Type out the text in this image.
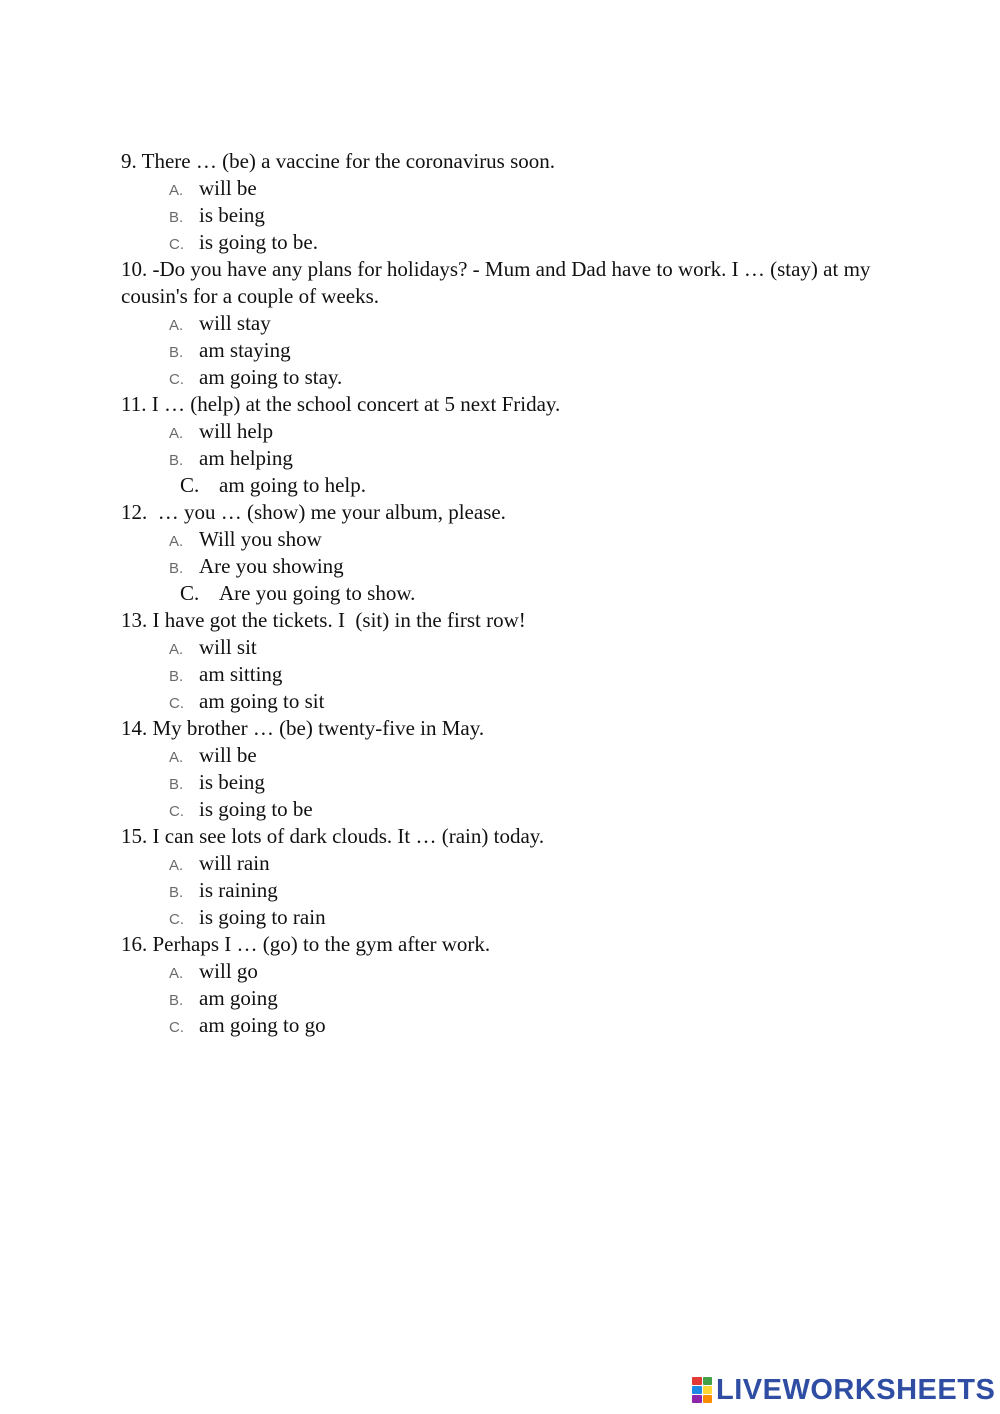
9. There … (be) a vaccine for the coronavirus soon.

A. will be
B. is being
C. is going to be.

10. -Do you have any plans for holidays? - Mum and Dad have to work. I … (stay) at my cousin's for a couple of weeks.

A. will stay
B. am staying
C. am going to stay.

11. I … (help) at the school concert at 5 next Friday.

A. will help
B. am helping
C. am going to help.

12.  … you … (show) me your album, please.

A. Will you show
B. Are you showing
C. Are you going to show.

13. I have got the tickets. I  (sit) in the first row!

A. will sit
B. am sitting
C. am going to sit

14. My brother … (be) twenty-five in May.

A. will be
B. is being
C. is going to be

15. I can see lots of dark clouds. It … (rain) today.

A. will rain
B. is raining
C. is going to rain

16. Perhaps I … (go) to the gym after work.

A. will go
B. am going
C. am going to go
LIVEWORKSHEETS
